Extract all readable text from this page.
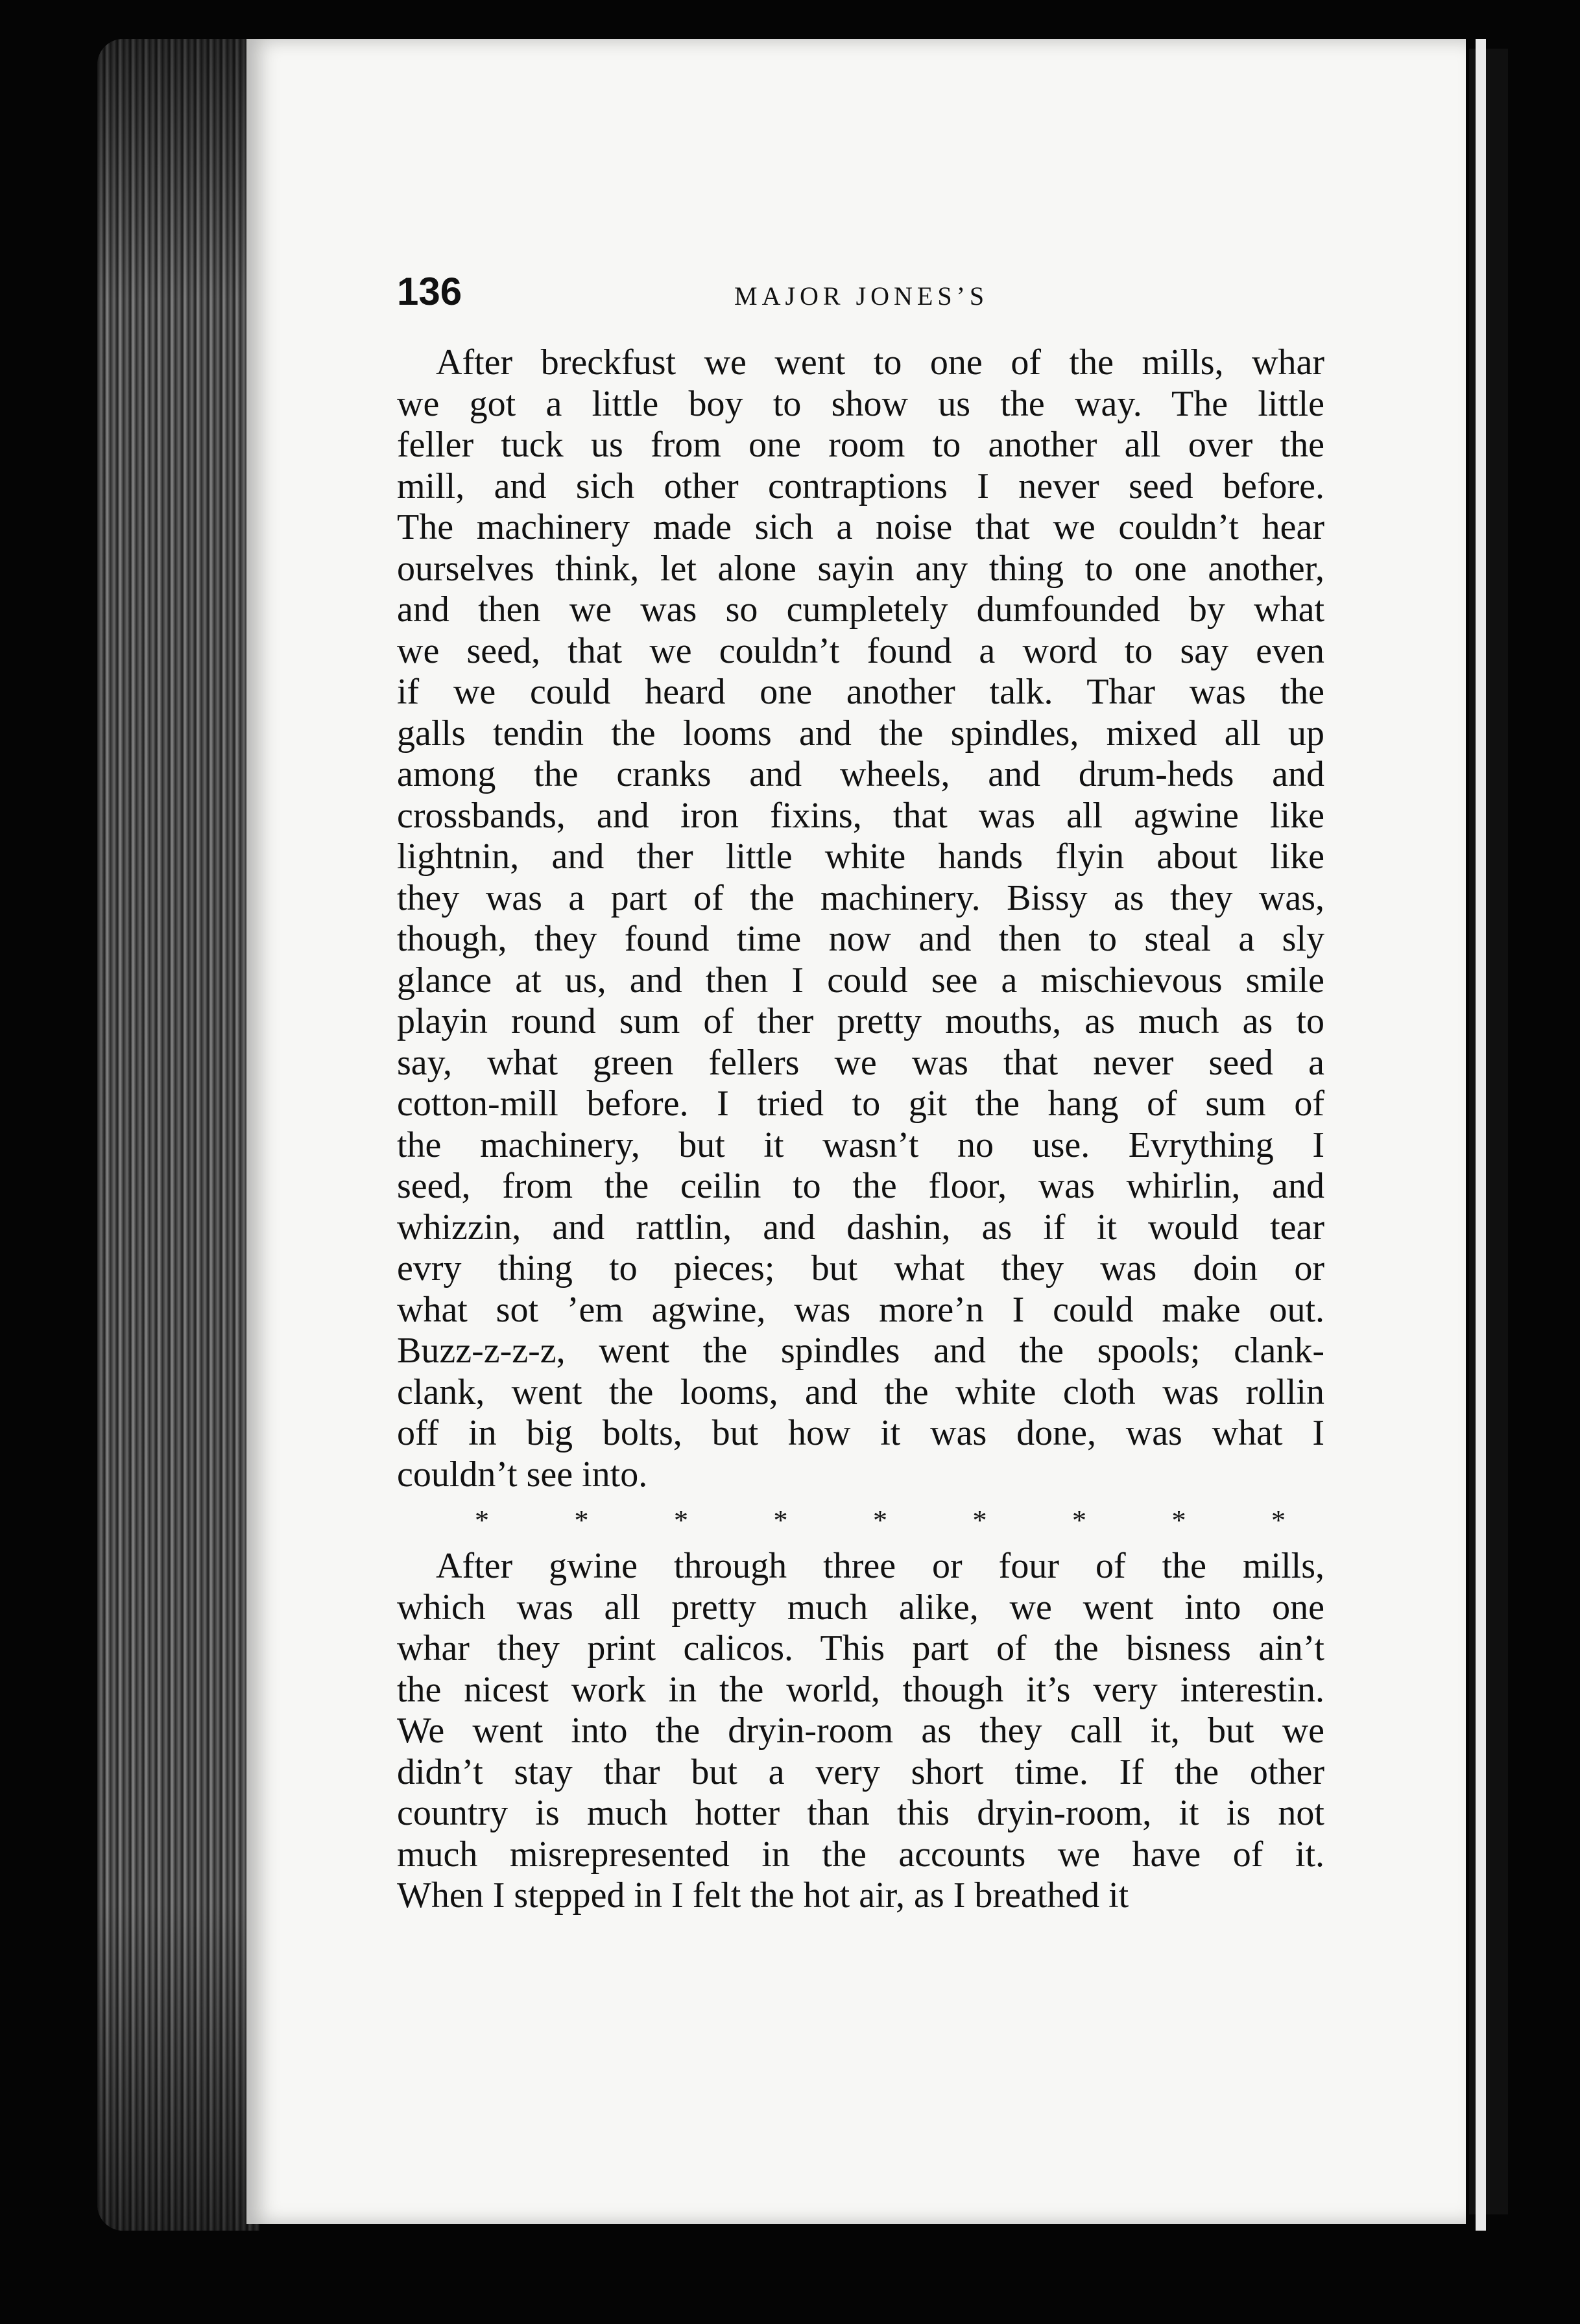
136	MAJOR JONES’S
After breckfust we went to one of the mills, whar
we got a little boy to show us the way. The little
feller tuck us from one room to another all over the
mill, and sich other contraptions I never seed before.
The machinery made sich a noise that we couldn’t hear
ourselves think, let alone sayin any thing to one another,
and then we was so cumpletely dumfounded by what
we seed, that we couldn’t found a word to say even
if we could heard one another talk. Thar was the
galls tendin the looms and the spindles, mixed all up
among the cranks and wheels, and drum-heds and
crossbands, and iron fixins, that was all agwine like
lightnin, and ther little white hands flyin about like
they was a part of the machinery. Bissy as they was,
though, they found time now and then to steal a sly
glance at us, and then I could see a mischievous smile
playin round sum of ther pretty mouths, as much as to
say, what green fellers we was that never seed a
cotton-mill before. I tried to git the hang of sum of
the machinery, but it wasn’t no use. Evrything I
seed, from the ceilin to the floor, was whirlin, and
whizzin, and rattlin, and dashin, as if it would tear
evry thing to pieces; but what they was doin or
what sot ’em agwine, was more’n I could make out.
Buzz-z-z-z, went the spindles and the spools; clank-
clank, went the looms, and the white cloth was rollin
off in big bolts, but how it was done, was what I
couldn’t see into.
*	*	*	*	*	*	*	*	*
After gwine through three or four of the mills,
which was all pretty much alike, we went into one
whar they print calicos. This part of the bisness ain’t
the nicest work in the world, though it’s very interestin.
We went into the dryin-room as they call it, but we
didn’t stay thar but a very short time. If the other
country is much hotter than this dryin-room, it is not
much misrepresented in the accounts we have of it.
When I stepped in I felt the hot air, as I breathed it
